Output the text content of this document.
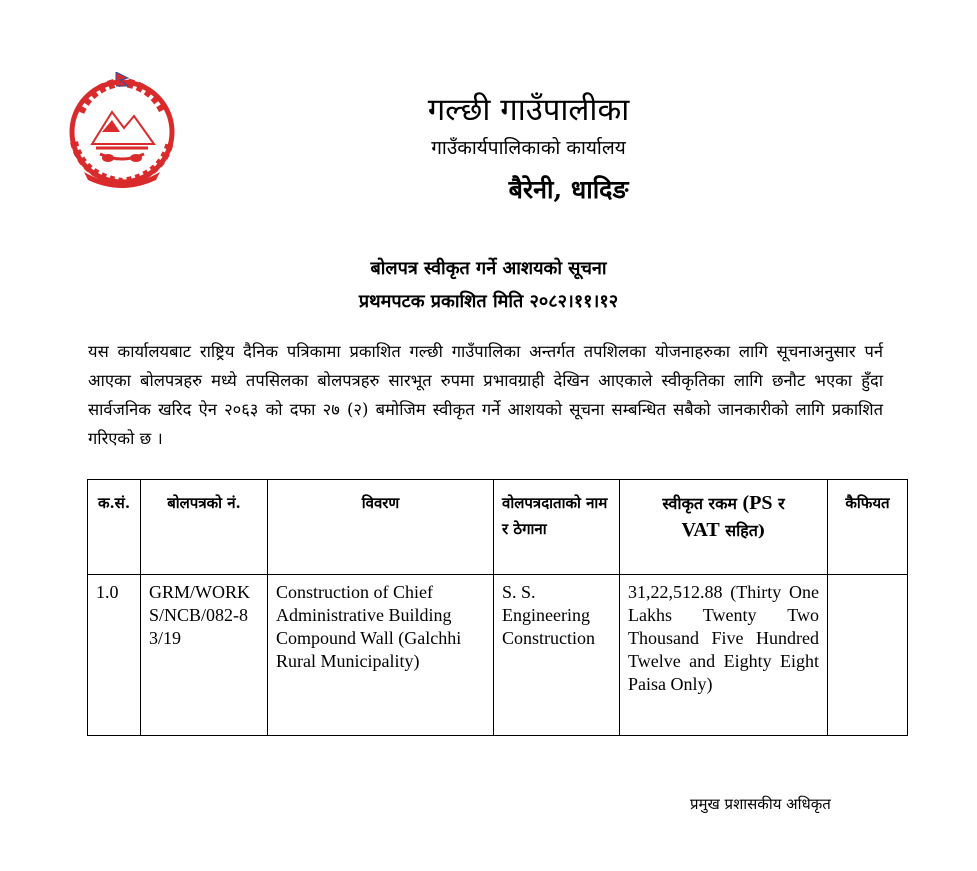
गल्छी गाउँपालीका
गाउँकार्यपालिकाको कार्यालय
बैरेनी, धादिङ
बोलपत्र स्वीकृत गर्ने आशयको सूचना
प्रथमपटक प्रकाशित मिति २०८२।११।१२
यस कार्यालयबाट राष्ट्रिय दैनिक पत्रिकामा प्रकाशित गल्छी गाउँपालिका अन्तर्गत तपशिलका योजनाहरुका लागि सूचनाअनुसार पर्न आएका बोलपत्रहरु मध्ये तपसिलका बोलपत्रहरु सारभूत रुपमा प्रभावग्राही देखिन आएकाले स्वीकृतिका लागि छनौट भएका हुँदा सार्वजनिक खरिद ऐन २०६३ को दफा २७ (२) बमोजिम स्वीकृत गर्ने आशयको सूचना सम्बन्धित सबैको जानकारीको लागि प्रकाशित गरिएको छ ।
क.सं.	बोलपत्रको नं.	विवरण	वोलपत्रदाताको नाम र ठेगाना	स्वीकृत रकम (PS र
VAT सहित)	कैफियत
1.0	GRM/WORKS/NCB/082-83/19	Construction of Chief Administrative Building Compound Wall (Galchhi Rural Municipality)	S. S. Engineering Construction	31,22,512.88 (Thirty One Lakhs Twenty Two Thousand Five Hundred Twelve and Eighty Eight Paisa Only)	
प्रमुख प्रशासकीय अधिकृत
